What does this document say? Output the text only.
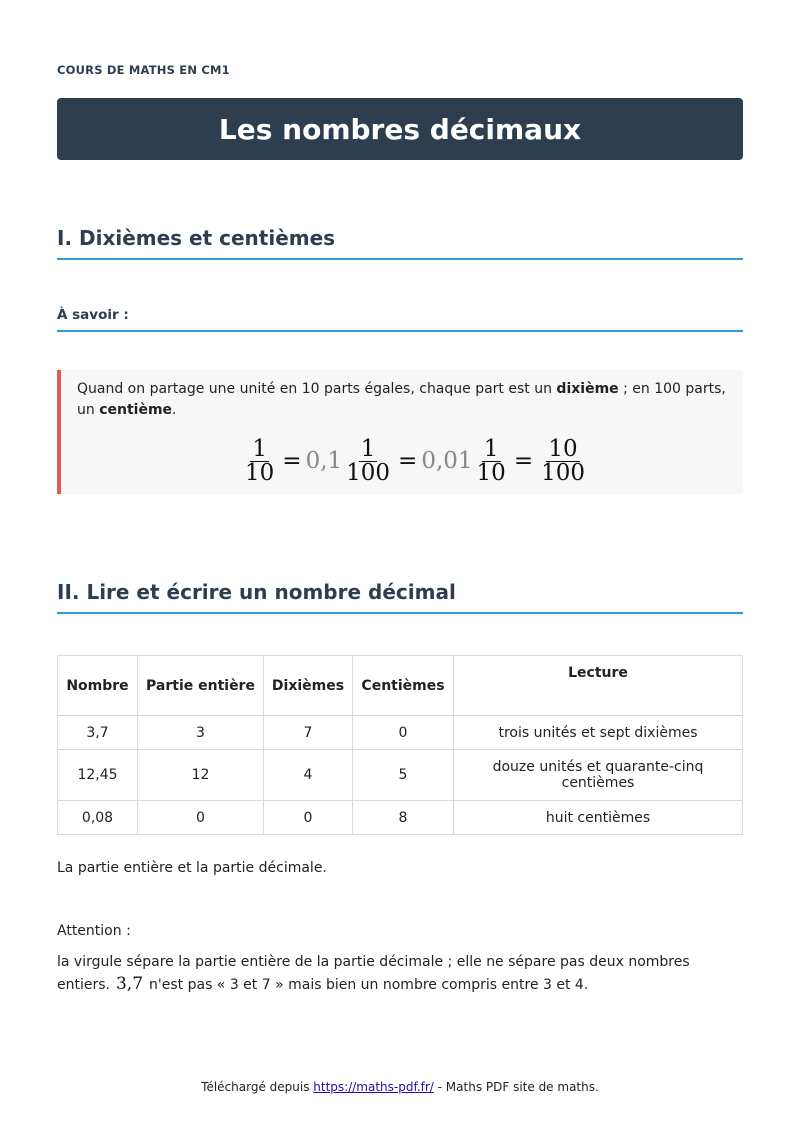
COURS DE MATHS EN CM1
Les nombres décimaux
I. Dixièmes et centièmes
À savoir :
Quand on partage une unité en 10 parts égales, chaque part est un dixième ; en 100 parts, un centième.
$\frac{1}{10} = 0,1 \frac{1}{100} = 0,01 \frac{1}{10} = \frac{10}{100}$
II. Lire et écrire un nombre décimal
Nombre	Partie entière	Dixièmes	Centièmes	Lecture
3,7	3	7	0	trois unités et sept dixièmes
12,45	12	4	5	douze unités et quarante-cinq centièmes
0,08	0	0	8	huit centièmes
La partie entière et la partie décimale.
Attention :
la virgule sépare la partie entière de la partie décimale ; elle ne sépare pas deux nombres entiers. 3,7 n'est pas « 3 et 7 » mais bien un nombre compris entre 3 et 4.
Téléchargé depuis https://maths-pdf.fr/ - Maths PDF site de maths.
